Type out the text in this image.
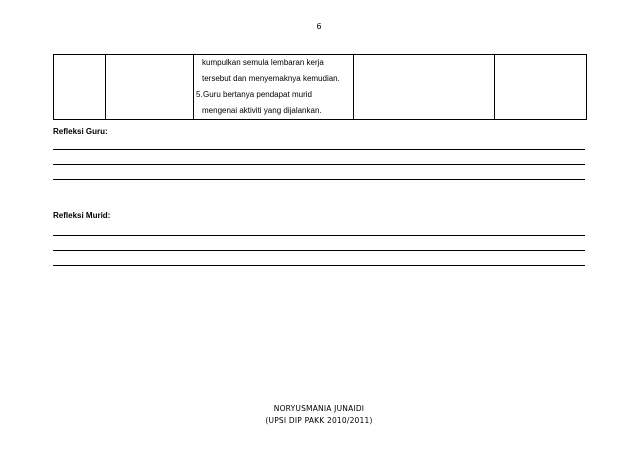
6

kumpulkan semula lembaran kerja
tersebut dan menyemaknya kemudian.
5.Guru bertanya pendapat murid
mengenai aktiviti yang dijalankan.

Refleksi Guru:
Refleksi Murid:
NORYUSMANIA JUNAIDI
(UPSI DIP PAKK 2010/2011)
